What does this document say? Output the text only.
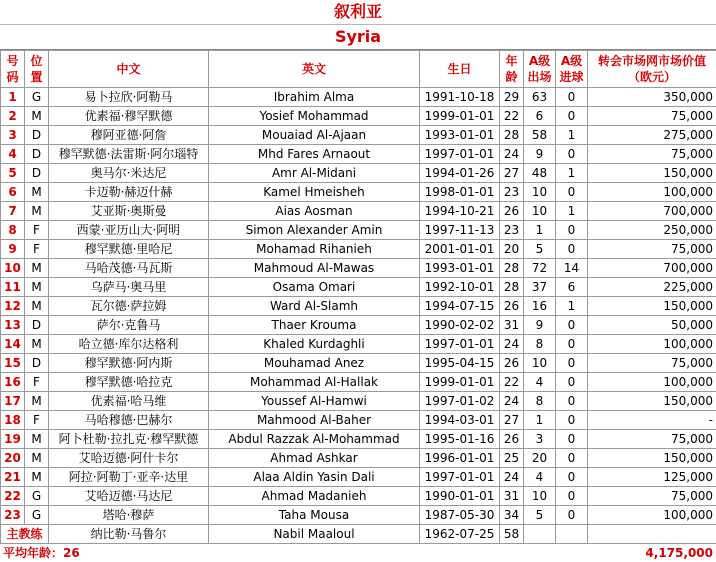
叙利亚
Syria
号码	位置	中文	英文	生日	年龄	A级出场	A级进球	转会市场网市场价值（欧元）
1	G	易卜拉欣·阿勒马	Ibrahim Alma	1991-10-18	29	63	0	350,000
2	M	优素福·穆罕默德	Yosief Mohammad	1999-01-01	22	6	0	75,000
3	D	穆阿亚德·阿詹	Mouaiad Al-Ajaan	1993-01-01	28	58	1	275,000
4	D	穆罕默德·法雷斯·阿尔瑙特	Mhd Fares Arnaout	1997-01-01	24	9	0	75,000
5	D	奥马尔·米达尼	Amr Al-Midani	1994-01-26	27	48	1	150,000
6	M	卡迈勒·赫迈什赫	Kamel Hmeisheh	1998-01-01	23	10	0	100,000
7	M	艾亚斯·奥斯曼	Aias Aosman	1994-10-21	26	10	1	700,000
8	F	西蒙·亚历山大·阿明	Simon Alexander Amin	1997-11-13	23	1	0	250,000
9	F	穆罕默德·里哈尼	Mohamad Rihanieh	2001-01-01	20	5	0	75,000
10	M	马哈茂德·马瓦斯	Mahmoud Al-Mawas	1993-01-01	28	72	14	700,000
11	M	乌萨马·奥马里	Osama Omari	1992-10-01	28	37	6	225,000
12	M	瓦尔德·萨拉姆	Ward Al-Slamh	1994-07-15	26	16	1	150,000
13	D	萨尔·克鲁马	Thaer Krouma	1990-02-02	31	9	0	50,000
14	M	哈立德·库尔达格利	Khaled Kurdaghli	1997-01-01	24	8	0	100,000
15	D	穆罕默德·阿内斯	Mouhamad Anez	1995-04-15	26	10	0	75,000
16	F	穆罕默德·哈拉克	Mohammad Al-Hallak	1999-01-01	22	4	0	100,000
17	M	优素福·哈马维	Youssef Al-Hamwi	1997-01-02	24	8	0	150,000
18	F	马哈穆德·巴赫尔	Mahmood Al-Baher	1994-03-01	27	1	0	-
19	M	阿卜杜勒·拉扎克·穆罕默德	Abdul Razzak Al-Mohammad	1995-01-16	26	3	0	75,000
20	M	艾哈迈德·阿什卡尔	Ahmad Ashkar	1996-01-01	25	20	0	150,000
21	M	阿拉·阿勒丁·亚辛·达里	Alaa Aldin Yasin Dali	1997-01-01	24	4	0	125,000
22	G	艾哈迈德·马达尼	Ahmad Madanieh	1990-01-01	31	10	0	75,000
23	G	塔哈·穆萨	Taha Mousa	1987-05-30	34	5	0	100,000
主教练		纳比勒·马鲁尔	Nabil Maaloul	1962-07-25	58			
平均年龄：26	4,175,000
